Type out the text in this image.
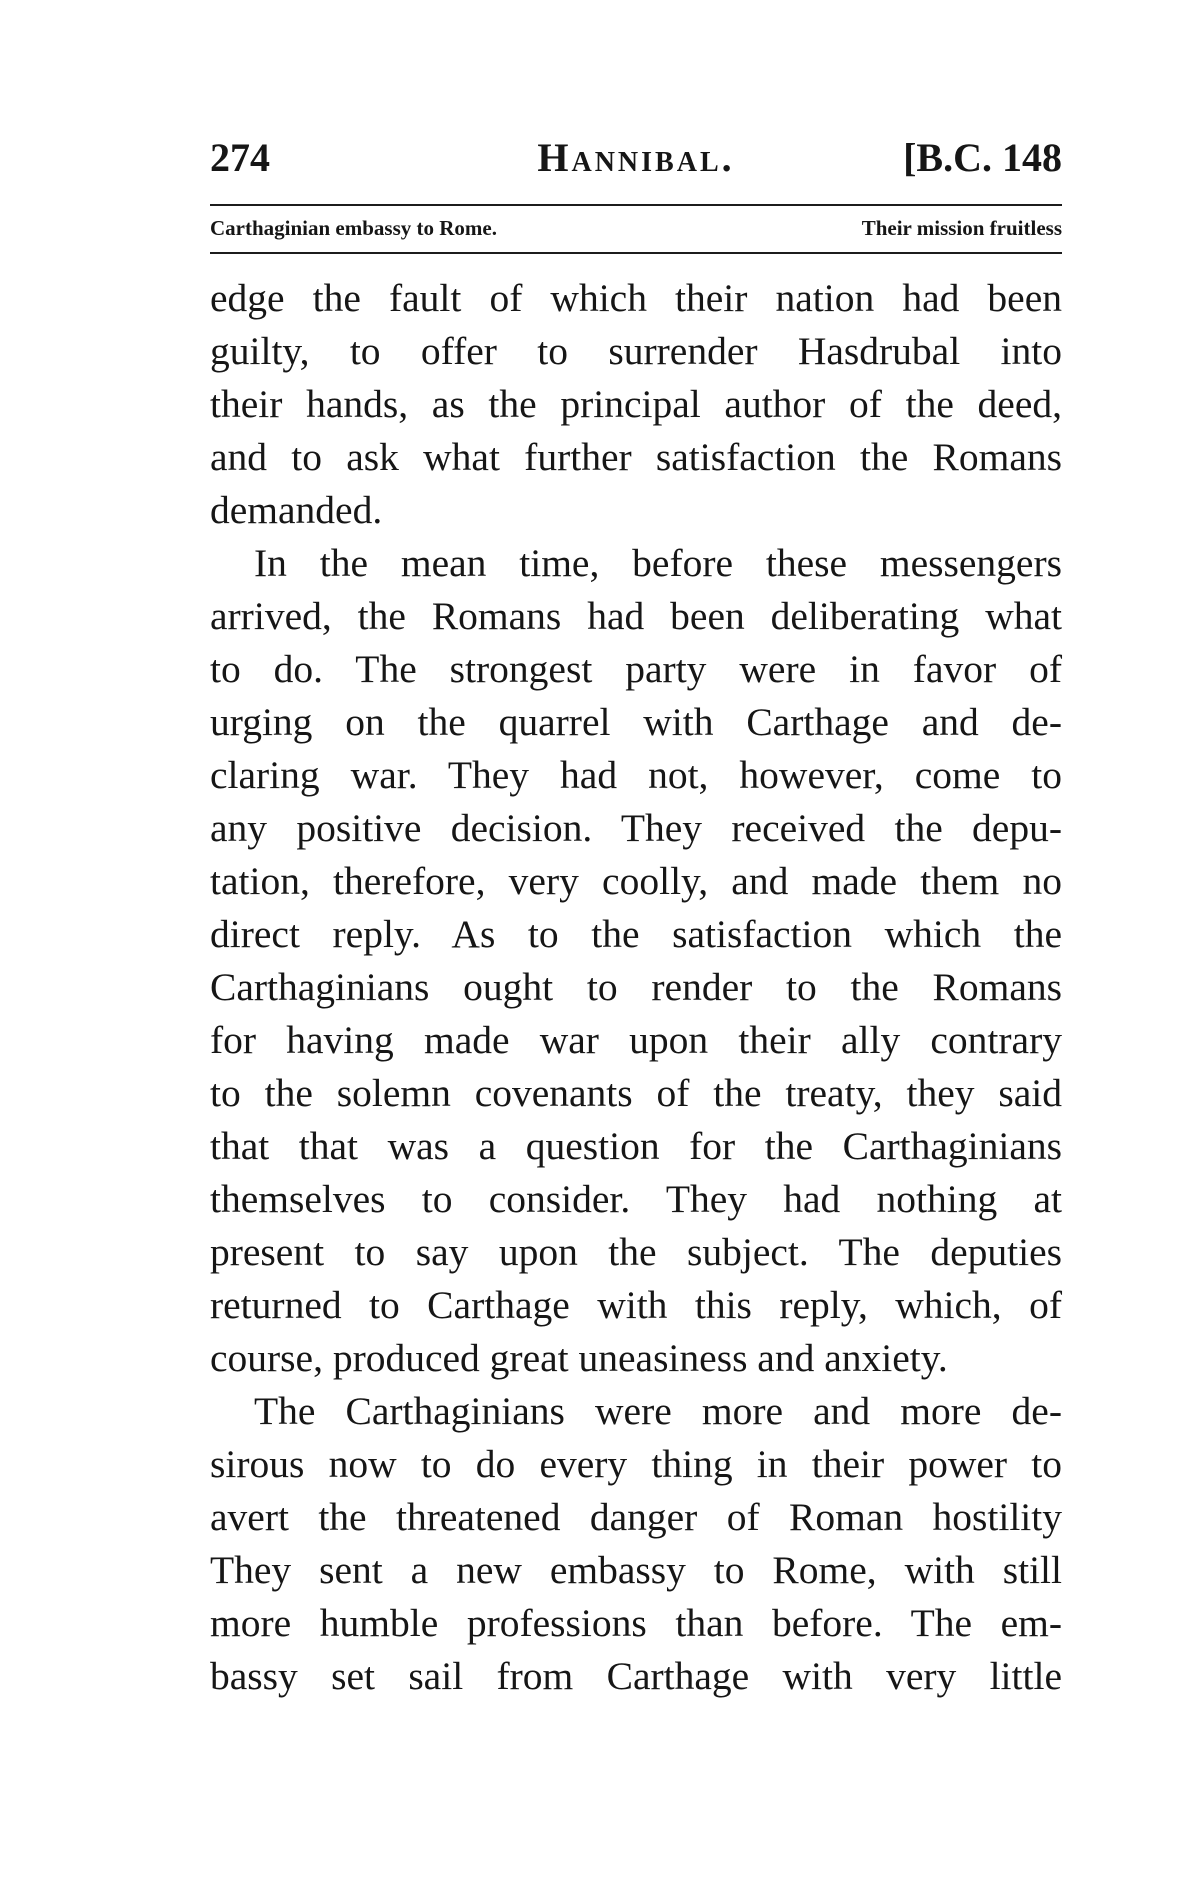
274	Hannibal.	[B.C. 148
Carthaginian embassy to Rome.	Their mission fruitless
edge the fault of which their nation had been
guilty, to offer to surrender Hasdrubal into
their hands, as the principal author of the deed,
and to ask what further satisfaction the Romans
demanded.
In the mean time, before these messengers
arrived, the Romans had been deliberating what
to do. The strongest party were in favor of
urging on the quarrel with Carthage and de-
claring war. They had not, however, come to
any positive decision. They received the depu-
tation, therefore, very coolly, and made them no
direct reply. As to the satisfaction which the
Carthaginians ought to render to the Romans
for having made war upon their ally contrary
to the solemn covenants of the treaty, they said
that that was a question for the Carthaginians
themselves to consider. They had nothing at
present to say upon the subject. The deputies
returned to Carthage with this reply, which, of
course, produced great uneasiness and anxiety.
The Carthaginians were more and more de-
sirous now to do every thing in their power to
avert the threatened danger of Roman hostility
They sent a new embassy to Rome, with still
more humble professions than before. The em-
bassy set sail from Carthage with very little
